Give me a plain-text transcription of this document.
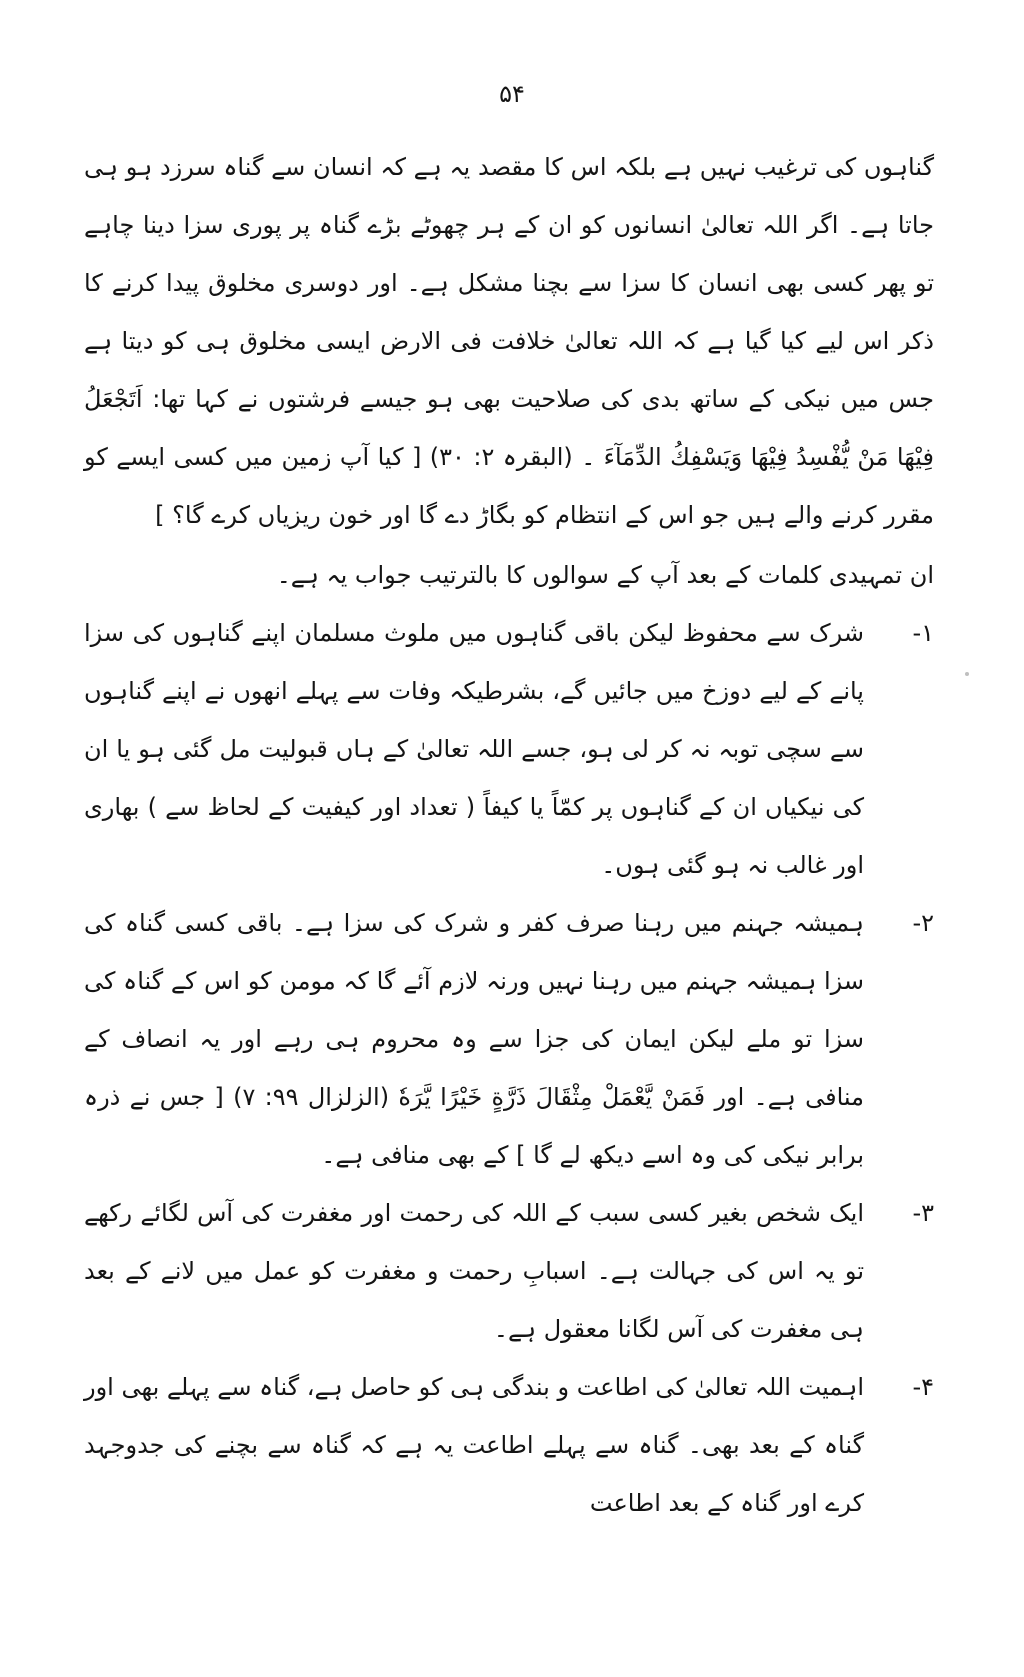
۵۴

گناہوں کی ترغیب نہیں ہے بلکہ اس کا مقصد یہ ہے کہ انسان سے گناہ سرزد ہو ہی جاتا ہے۔ اگر اللہ تعالیٰ انسانوں کو ان کے ہر چھوٹے بڑے گناہ پر پوری سزا دینا چاہے تو پھر کسی بھی انسان کا سزا سے بچنا مشکل ہے۔ اور دوسری مخلوق پیدا کرنے کا ذکر اس لیے کیا گیا ہے کہ اللہ تعالیٰ خلافت فی الارض ایسی مخلوق ہی کو دیتا ہے جس میں نیکی کے ساتھ بدی کی صلاحیت بھی ہو جیسے فرشتوں نے کہا تھا: اَتَجْعَلُ فِیْهَا مَنْ یُّفْسِدُ فِیْهَا وَیَسْفِكُ الدِّمَآءَ ۔ (البقرہ ۲: ۳۰) [ کیا آپ زمین میں کسی ایسے کو مقرر کرنے والے ہیں جو اس کے انتظام کو بگاڑ دے گا اور خون ریزیاں کرے گا؟ ]

ان تمہیدی کلمات کے بعد آپ کے سوالوں کا بالترتیب جواب یہ ہے۔

۱-

شرک سے محفوظ لیکن باقی گناہوں میں ملوث مسلمان اپنے گناہوں کی سزا پانے کے لیے دوزخ میں جائیں گے، بشرطیکہ وفات سے پہلے انھوں نے اپنے گناہوں سے سچی توبہ نہ کر لی ہو، جسے اللہ تعالیٰ کے ہاں قبولیت مل گئی ہو یا ان کی نیکیاں ان کے گناہوں پر کمّاً یا کیفاً ( تعداد اور کیفیت کے لحاظ سے ) بھاری اور غالب نہ ہو گئی ہوں۔

۲-

ہمیشہ جہنم میں رہنا صرف کفر و شرک کی سزا ہے۔ باقی کسی گناہ کی سزا ہمیشہ جہنم میں رہنا نہیں ورنہ لازم آئے گا کہ مومن کو اس کے گناہ کی سزا تو ملے لیکن ایمان کی جزا سے وہ محروم ہی رہے اور یہ انصاف کے منافی ہے۔ اور فَمَنْ یَّعْمَلْ مِثْقَالَ ذَرَّةٍ خَیْرًا یَّرَهٗ (الزلزال ۹۹: ۷) [ جس نے ذرہ برابر نیکی کی وہ اسے دیکھ لے گا ] کے بھی منافی ہے۔

۳-

ایک شخص بغیر کسی سبب کے اللہ کی رحمت اور مغفرت کی آس لگائے رکھے تو یہ اس کی جہالت ہے۔ اسبابِ رحمت و مغفرت کو عمل میں لانے کے بعد ہی مغفرت کی آس لگانا معقول ہے۔

۴-

اہمیت اللہ تعالیٰ کی اطاعت و بندگی ہی کو حاصل ہے، گناہ سے پہلے بھی اور گناہ کے بعد بھی۔ گناہ سے پہلے اطاعت یہ ہے کہ گناہ سے بچنے کی جدوجہد کرے اور گناہ کے بعد اطاعت
